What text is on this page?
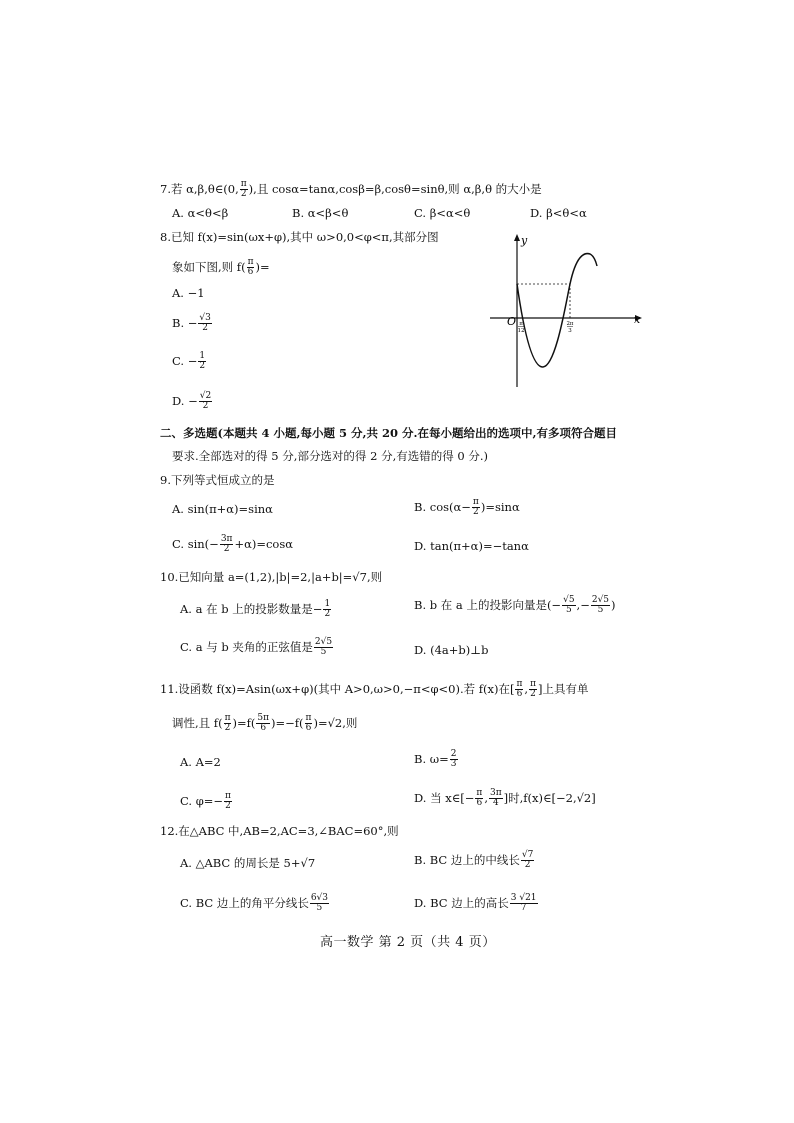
7.若 α,β,θ∈(0, $\frac{\pi}{2}$ ),且 cosα=tanα,cosβ=β,cosθ=sinθ,则 α,β,θ 的大小是
A. α<θ<β	B. α<β<θ	C. β<α<θ	D. β<θ<α
8.已知 f(x)=sin(ωx+φ),其中 ω>0,0<φ<π,其部分图
象如下图,则 $f( \frac{\pi}{6}$ )=
A. −1
B. − $\frac{√3}{2}$
C. − $\frac{1}{2}$
D. − $\frac{√2}{2}$
y
x
O π
12
2π
3
二、多选题(本题共 4 小题,每小题 5 分,共 20 分.在每小题给出的选项中,有多项符合题目
要求.全部选对的得 5 分,部分选对的得 2 分,有选错的得 0 分.)
9.下列等式恒成立的是
A. sin(π+α)=sinα	B. $\cos(\alpha- \frac{\pi}{2} )=\sin\alpha$
C. $\sin(- \frac{3\pi}{2} +\alpha)=\cos\alpha$	D. tan(π+α)=−tanα
10.已知向量 a=(1,2),|b|=2,|a+b|=√7,则
A. a 在 b 上的投影数量是− $\frac{1}{2}$	B. b 在 a 上的投影向量是(− $\frac{√5}{5}$ ,− $\frac{2√5}{5}$ )
C. a 与 b 夹角的正弦值是 $\frac{2√5}{5}$	D. (4a+b)⊥b
11.设函数 f(x)=Asin(ωx+φ)(其中 A>0,ω>0,−π<φ<0).若 f(x)在[ $\frac{\pi}{6}$ , $\frac{\pi}{2}$ ]上具有单
调性,且 $f( \frac{\pi}{2} )=f( \frac{5\pi}{6} )=-f( \frac{\pi}{6} )=√2$,则
A. A=2	B. $\omega= \frac{2}{3}$
C. $\varphi=- \frac{\pi}{2}$	D. 当 x∈[− $\frac{\pi}{6}$ , $\frac{3\pi}{4}$ ]时,f(x)∈[−2,√2]
12.在△ABC 中,AB=2,AC=3,∠BAC=60°,则
A. △ABC 的周长是 5+√7	B. BC 边上的中线长 $\frac{√7}{2}$
C. BC 边上的角平分线长 $\frac{6√3}{5}$	D. BC 边上的高长 $\frac{3 √21}{7}$
高一数学 第 2 页（共 4 页）
